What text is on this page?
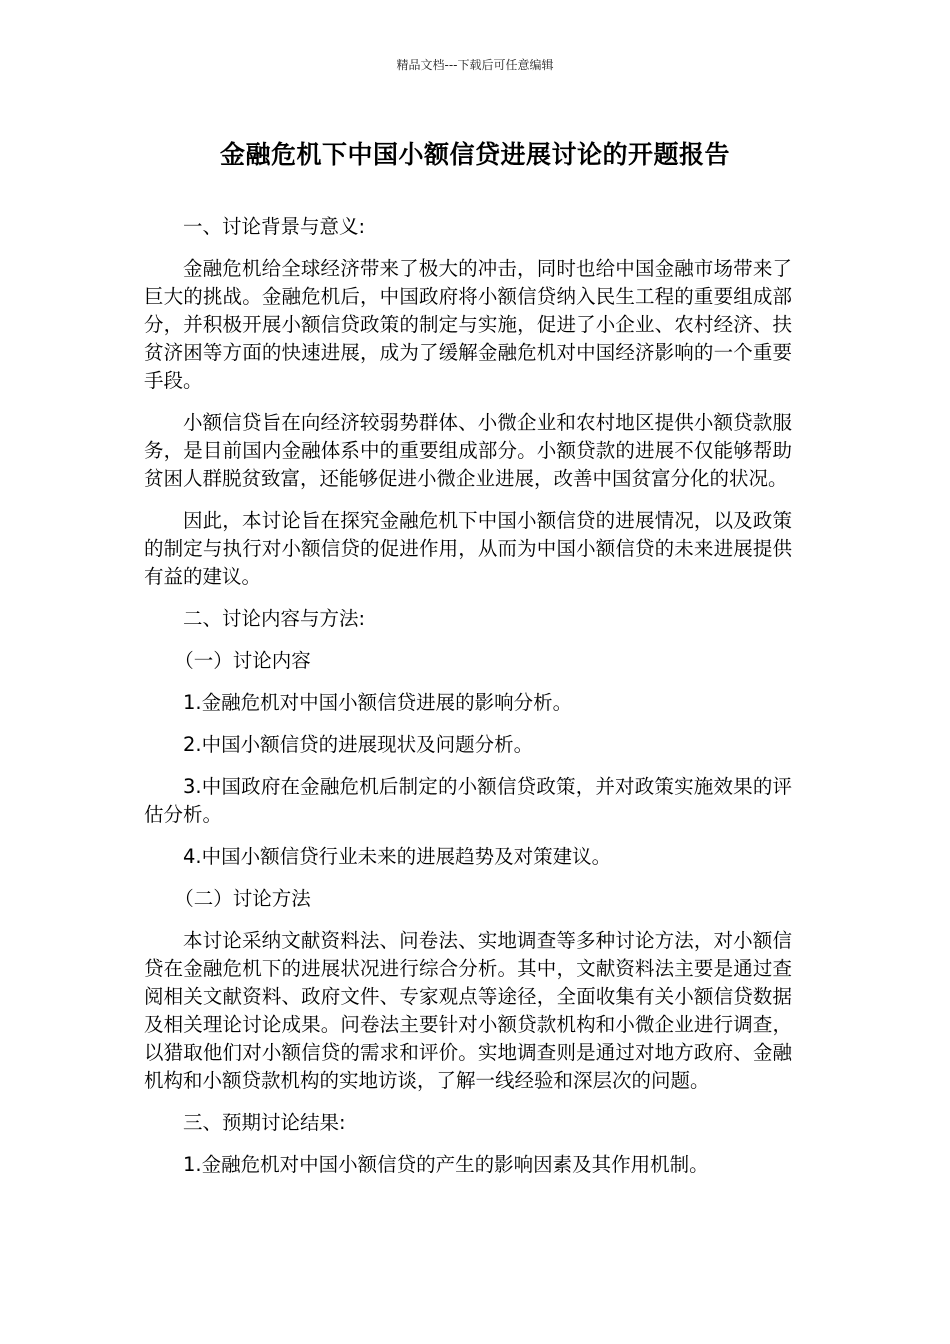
精品文档---下载后可任意编辑
金融危机下中国小额信贷进展讨论的开题报告

一、讨论背景与意义:

金融危机给全球经济带来了极大的冲击，同时也给中国金融市场带来了巨大的挑战。金融危机后，中国政府将小额信贷纳入民生工程的重要组成部分，并积极开展小额信贷政策的制定与实施，促进了小企业、农村经济、扶贫济困等方面的快速进展，成为了缓解金融危机对中国经济影响的一个重要手段。

小额信贷旨在向经济较弱势群体、小微企业和农村地区提供小额贷款服务，是目前国内金融体系中的重要组成部分。小额贷款的进展不仅能够帮助贫困人群脱贫致富，还能够促进小微企业进展，改善中国贫富分化的状况。

因此，本讨论旨在探究金融危机下中国小额信贷的进展情况，以及政策的制定与执行对小额信贷的促进作用，从而为中国小额信贷的未来进展提供有益的建议。

二、讨论内容与方法:

（一）讨论内容

1.金融危机对中国小额信贷进展的影响分析。

2.中国小额信贷的进展现状及问题分析。

3.中国政府在金融危机后制定的小额信贷政策，并对政策实施效果的评估分析。

4.中国小额信贷行业未来的进展趋势及对策建议。

（二）讨论方法

本讨论采纳文献资料法、问卷法、实地调查等多种讨论方法，对小额信贷在金融危机下的进展状况进行综合分析。其中，文献资料法主要是通过查阅相关文献资料、政府文件、专家观点等途径，全面收集有关小额信贷数据及相关理论讨论成果。问卷法主要针对小额贷款机构和小微企业进行调查，以猎取他们对小额信贷的需求和评价。实地调查则是通过对地方政府、金融机构和小额贷款机构的实地访谈，了解一线经验和深层次的问题。

三、预期讨论结果:

1.金融危机对中国小额信贷的产生的影响因素及其作用机制。
